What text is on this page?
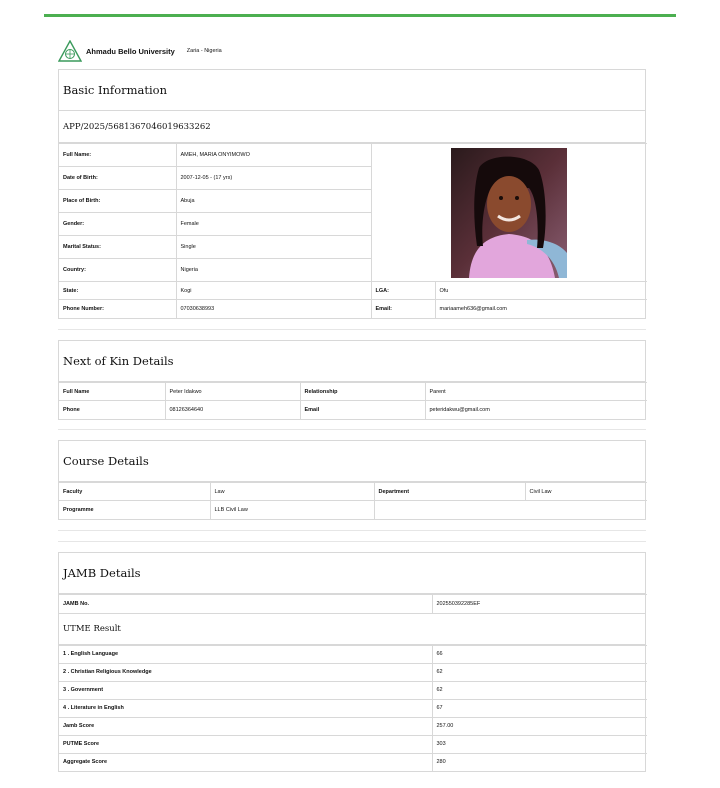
Ahmadu Bello University Zaria - Nigeria
Basic Information
APP/2025/5681367046019633262
Full Name:	AMEH, MARIA ONYIMOWO	

Date of Birth:	2007-12-05 - (17 yrs)		
Place of Birth:	Abuja		
Gender:	Female		
Marital Status:	Single		
Country:	Nigeria		
State:	Kogi	LGA:	Ofu
Phone Number:	07030638993	Email:	mariaameh636@gmail.com
Next of Kin Details
Full Name	Peter Idakwo	Relationship	Parent
Phone	08126364640	Email	peteridakwu@gmail.com
Course Details
Faculty	Law	Department	Civil Law
Programme	LLB Civil Law		
JAMB Details
JAMB No.	202550392285EF
UTME Result
1 . English Language	66
2 . Christian Religious Knowledge	62
3 . Government	62
4 . Literature in English	67
Jamb Score	257.00
PUTME Score	303
Aggregate Score	280
